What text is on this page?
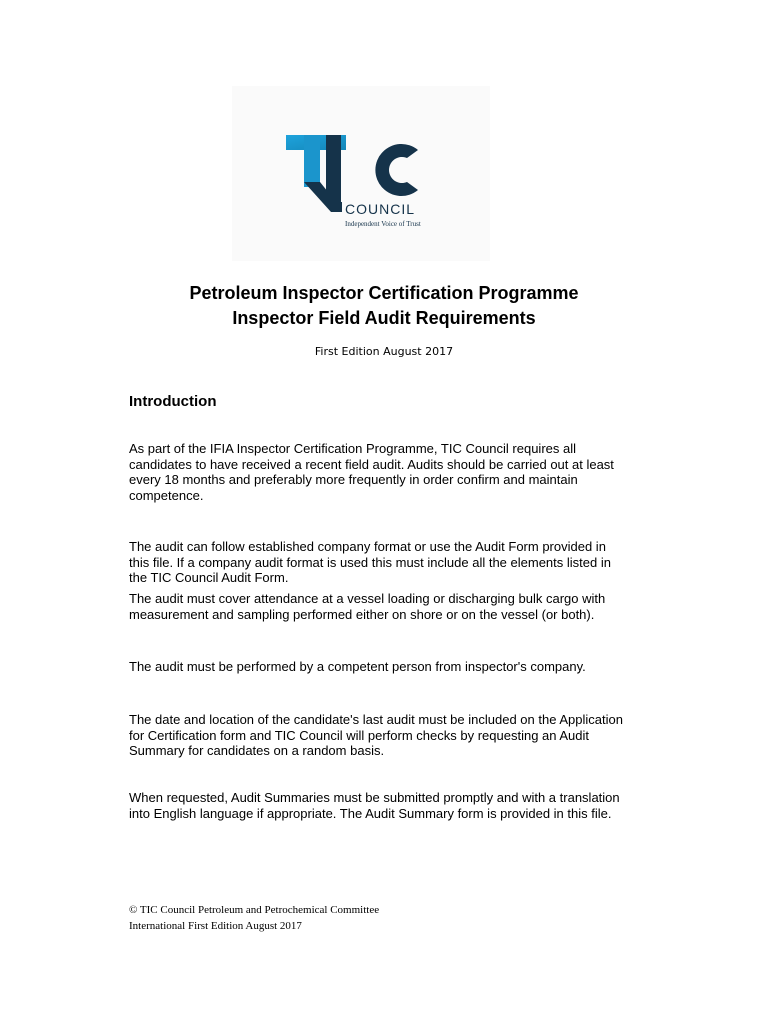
COUNCIL
Independent Voice of Trust
Petroleum Inspector Certification Programme
Inspector Field Audit Requirements
First Edition August 2017
Introduction
As part of the IFIA Inspector Certification Programme, TIC Council requires all candidates to have received a recent field audit. Audits should be carried out at least every 18 months and preferably more frequently in order confirm and maintain competence.
The audit can follow established company format or use the Audit Form provided in this file. If a company audit format is used this must include all the elements listed in the TIC Council Audit Form.
The audit must cover attendance at a vessel loading or discharging bulk cargo with measurement and sampling performed either on shore or on the vessel (or both).
The audit must be performed by a competent person from inspector's company.
The date and location of the candidate's last audit must be included on the Application for Certification form and TIC Council will perform checks by requesting an Audit Summary for candidates on a random basis.
When requested, Audit Summaries must be submitted promptly and with a translation into English language if appropriate. The Audit Summary form is provided in this file.
© TIC Council Petroleum and Petrochemical Committee
International First Edition August 2017
